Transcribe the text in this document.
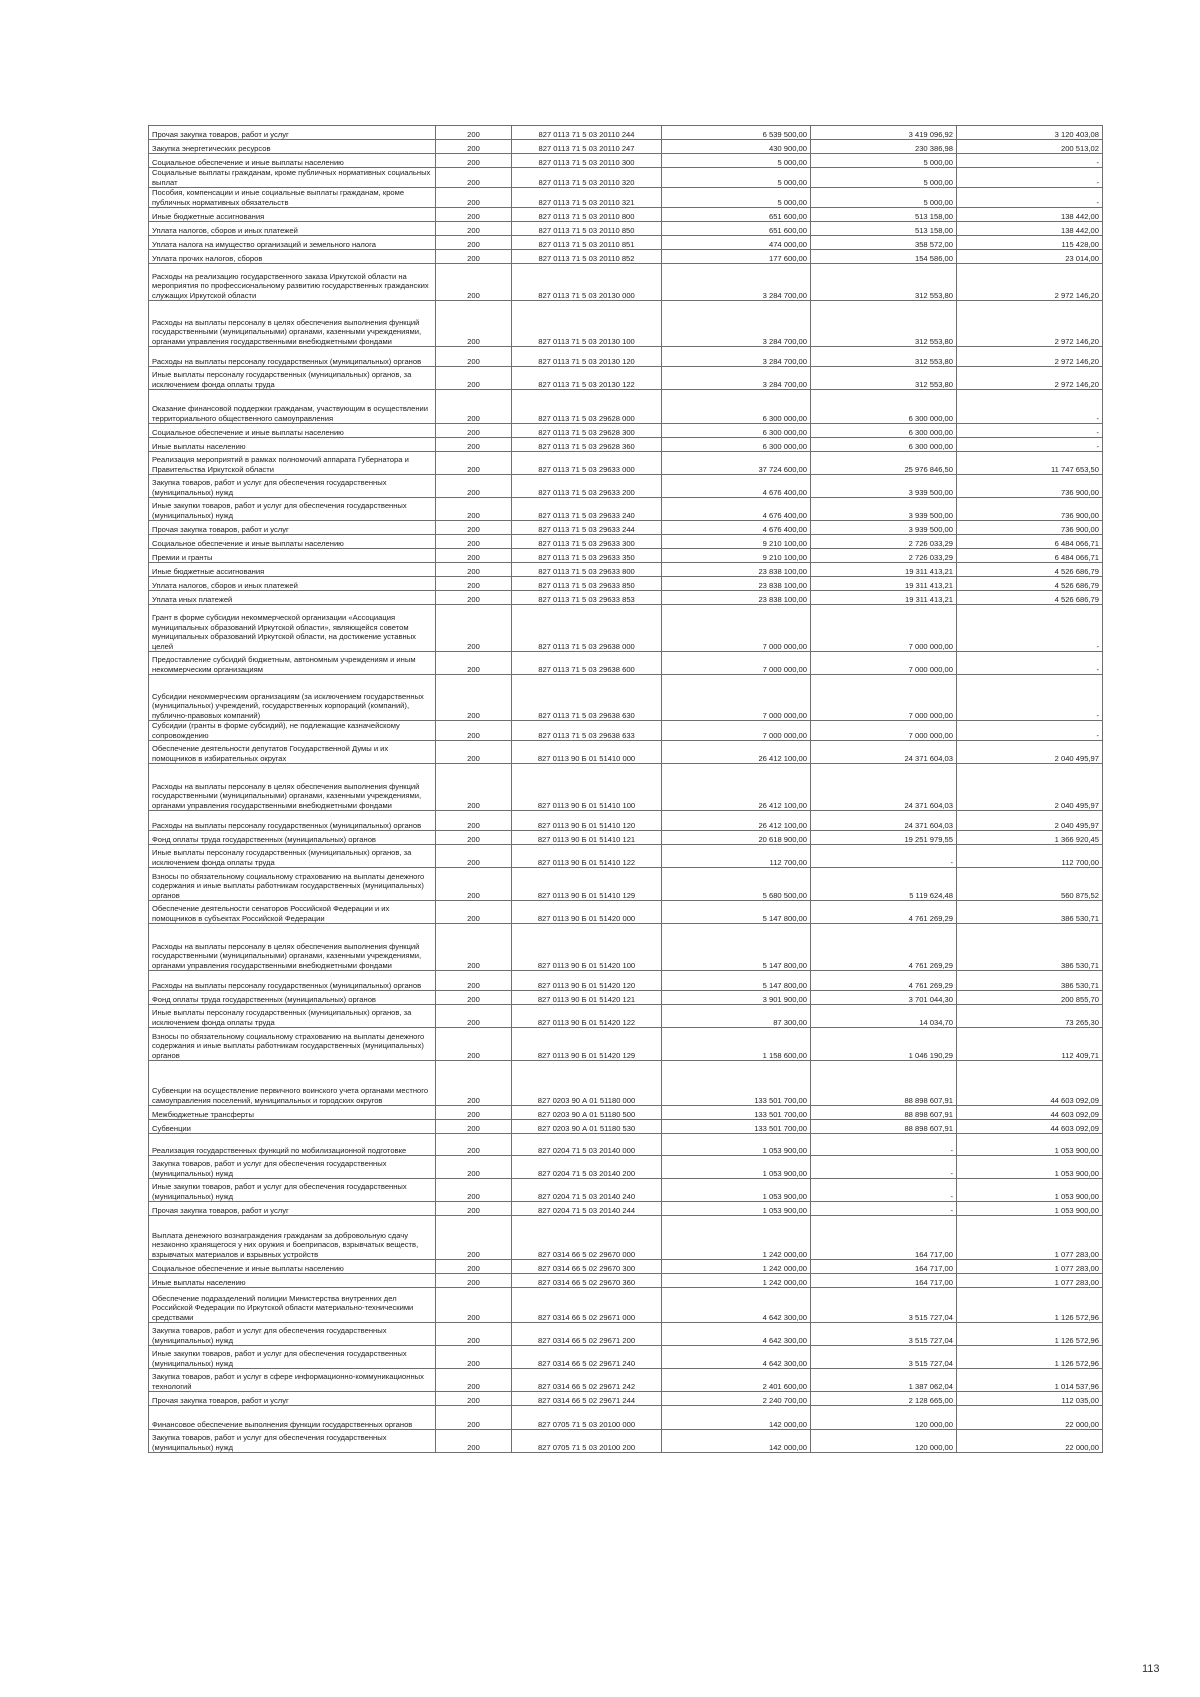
Прочая закупка товаров, работ и услуг	200	827 0113 71 5 03 20110 244	6 539 500,00	3 419 096,92	3 120 403,08
Закупка энергетических ресурсов	200	827 0113 71 5 03 20110 247	430 900,00	230 386,98	200 513,02
Социальное обеспечение и иные выплаты населению	200	827 0113 71 5 03 20110 300	5 000,00	5 000,00	-
Социальные выплаты гражданам, кроме публичных нормативных социальных выплат	200	827 0113 71 5 03 20110 320	5 000,00	5 000,00	-
Пособия, компенсации и иные социальные выплаты гражданам, кроме публичных нормативных обязательств	200	827 0113 71 5 03 20110 321	5 000,00	5 000,00	-
Иные бюджетные ассигнования	200	827 0113 71 5 03 20110 800	651 600,00	513 158,00	138 442,00
Уплата налогов, сборов и иных платежей	200	827 0113 71 5 03 20110 850	651 600,00	513 158,00	138 442,00
Уплата налога на имущество организаций и земельного налога	200	827 0113 71 5 03 20110 851	474 000,00	358 572,00	115 428,00
Уплата прочих налогов, сборов	200	827 0113 71 5 03 20110 852	177 600,00	154 586,00	23 014,00
Расходы на реализацию государственного заказа Иркутской области на мероприятия по профессиональному развитию государственных гражданских служащих Иркутской области	200	827 0113 71 5 03 20130 000	3 284 700,00	312 553,80	2 972 146,20
Расходы на выплаты персоналу в целях обеспечения выполнения функций государственными (муниципальными) органами, казенными учреждениями, органами управления государственными внебюджетными фондами	200	827 0113 71 5 03 20130 100	3 284 700,00	312 553,80	2 972 146,20
Расходы на выплаты персоналу государственных (муниципальных) органов	200	827 0113 71 5 03 20130 120	3 284 700,00	312 553,80	2 972 146,20
Иные выплаты персоналу государственных (муниципальных) органов, за исключением фонда оплаты труда	200	827 0113 71 5 03 20130 122	3 284 700,00	312 553,80	2 972 146,20
Оказание финансовой поддержки гражданам, участвующим в осуществлении территориального общественного самоуправления	200	827 0113 71 5 03 29628 000	6 300 000,00	6 300 000,00	-
Социальное обеспечение и иные выплаты населению	200	827 0113 71 5 03 29628 300	6 300 000,00	6 300 000,00	-
Иные выплаты населению	200	827 0113 71 5 03 29628 360	6 300 000,00	6 300 000,00	-
Реализация мероприятий в рамках полномочий аппарата Губернатора и Правительства Иркутской области	200	827 0113 71 5 03 29633 000	37 724 600,00	25 976 846,50	11 747 653,50
Закупка товаров, работ и услуг для обеспечения государственных (муниципальных) нужд	200	827 0113 71 5 03 29633 200	4 676 400,00	3 939 500,00	736 900,00
Иные закупки товаров, работ и услуг для обеспечения государственных (муниципальных) нужд	200	827 0113 71 5 03 29633 240	4 676 400,00	3 939 500,00	736 900,00
Прочая закупка товаров, работ и услуг	200	827 0113 71 5 03 29633 244	4 676 400,00	3 939 500,00	736 900,00
Социальное обеспечение и иные выплаты населению	200	827 0113 71 5 03 29633 300	9 210 100,00	2 726 033,29	6 484 066,71
Премии и гранты	200	827 0113 71 5 03 29633 350	9 210 100,00	2 726 033,29	6 484 066,71
Иные бюджетные ассигнования	200	827 0113 71 5 03 29633 800	23 838 100,00	19 311 413,21	4 526 686,79
Уплата налогов, сборов и иных платежей	200	827 0113 71 5 03 29633 850	23 838 100,00	19 311 413,21	4 526 686,79
Уплата иных платежей	200	827 0113 71 5 03 29633 853	23 838 100,00	19 311 413,21	4 526 686,79
Грант в форме субсидии некоммерческой организации «Ассоциация муниципальных образований Иркутской области», являющейся советом муниципальных образований Иркутской области, на достижение уставных целей	200	827 0113 71 5 03 29638 000	7 000 000,00	7 000 000,00	-
Предоставление субсидий бюджетным, автономным учреждениям и иным некоммерческим организациям	200	827 0113 71 5 03 29638 600	7 000 000,00	7 000 000,00	-
Субсидии некоммерческим организациям (за исключением государственных (муниципальных) учреждений, государственных корпораций (компаний), публично-правовых компаний)	200	827 0113 71 5 03 29638 630	7 000 000,00	7 000 000,00	-
Субсидии (гранты в форме субсидий), не подлежащие казначейскому сопровождению	200	827 0113 71 5 03 29638 633	7 000 000,00	7 000 000,00	-
Обеспечение деятельности депутатов Государственной Думы и их помощников в избирательных округах	200	827 0113 90 Б 01 51410 000	26 412 100,00	24 371 604,03	2 040 495,97
Расходы на выплаты персоналу в целях обеспечения выполнения функций государственными (муниципальными) органами, казенными учреждениями, органами управления государственными внебюджетными фондами	200	827 0113 90 Б 01 51410 100	26 412 100,00	24 371 604,03	2 040 495,97
Расходы на выплаты персоналу государственных (муниципальных) органов	200	827 0113 90 Б 01 51410 120	26 412 100,00	24 371 604,03	2 040 495,97
Фонд оплаты труда государственных (муниципальных) органов	200	827 0113 90 Б 01 51410 121	20 618 900,00	19 251 979,55	1 366 920,45
Иные выплаты персоналу государственных (муниципальных) органов, за исключением фонда оплаты труда	200	827 0113 90 Б 01 51410 122	112 700,00	-	112 700,00
Взносы по обязательному социальному страхованию на выплаты денежного содержания и иные выплаты работникам государственных (муниципальных) органов	200	827 0113 90 Б 01 51410 129	5 680 500,00	5 119 624,48	560 875,52
Обеспечение деятельности сенаторов Российской Федерации и их помощников в субъектах Российской Федерации	200	827 0113 90 Б 01 51420 000	5 147 800,00	4 761 269,29	386 530,71
Расходы на выплаты персоналу в целях обеспечения выполнения функций государственными (муниципальными) органами, казенными учреждениями, органами управления государственными внебюджетными фондами	200	827 0113 90 Б 01 51420 100	5 147 800,00	4 761 269,29	386 530,71
Расходы на выплаты персоналу государственных (муниципальных) органов	200	827 0113 90 Б 01 51420 120	5 147 800,00	4 761 269,29	386 530,71
Фонд оплаты труда государственных (муниципальных) органов	200	827 0113 90 Б 01 51420 121	3 901 900,00	3 701 044,30	200 855,70
Иные выплаты персоналу государственных (муниципальных) органов, за исключением фонда оплаты труда	200	827 0113 90 Б 01 51420 122	87 300,00	14 034,70	73 265,30
Взносы по обязательному социальному страхованию на выплаты денежного содержания и иные выплаты работникам государственных (муниципальных) органов	200	827 0113 90 Б 01 51420 129	1 158 600,00	1 046 190,29	112 409,71
Субвенции на осуществление первичного воинского учета органами местного самоуправления поселений, муниципальных и городских округов	200	827 0203 90 А 01 51180 000	133 501 700,00	88 898 607,91	44 603 092,09
Межбюджетные трансферты	200	827 0203 90 А 01 51180 500	133 501 700,00	88 898 607,91	44 603 092,09
Субвенции	200	827 0203 90 А 01 51180 530	133 501 700,00	88 898 607,91	44 603 092,09
Реализация государственных функций по мобилизационной подготовке	200	827 0204 71 5 03 20140 000	1 053 900,00	-	1 053 900,00
Закупка товаров, работ и услуг для обеспечения государственных (муниципальных) нужд	200	827 0204 71 5 03 20140 200	1 053 900,00	-	1 053 900,00
Иные закупки товаров, работ и услуг для обеспечения государственных (муниципальных) нужд	200	827 0204 71 5 03 20140 240	1 053 900,00	-	1 053 900,00
Прочая закупка товаров, работ и услуг	200	827 0204 71 5 03 20140 244	1 053 900,00	-	1 053 900,00
Выплата денежного вознаграждения гражданам за добровольную сдачу незаконно хранящегося у них оружия и боеприпасов, взрывчатых веществ, взрывчатых материалов и взрывных устройств	200	827 0314 66 5 02 29670 000	1 242 000,00	164 717,00	1 077 283,00
Социальное обеспечение и иные выплаты населению	200	827 0314 66 5 02 29670 300	1 242 000,00	164 717,00	1 077 283,00
Иные выплаты населению	200	827 0314 66 5 02 29670 360	1 242 000,00	164 717,00	1 077 283,00
Обеспечение подразделений полиции Министерства внутренних дел Российской Федерации по Иркутской области материально-техническими средствами	200	827 0314 66 5 02 29671 000	4 642 300,00	3 515 727,04	1 126 572,96
Закупка товаров, работ и услуг для обеспечения государственных (муниципальных) нужд	200	827 0314 66 5 02 29671 200	4 642 300,00	3 515 727,04	1 126 572,96
Иные закупки товаров, работ и услуг для обеспечения государственных (муниципальных) нужд	200	827 0314 66 5 02 29671 240	4 642 300,00	3 515 727,04	1 126 572,96
Закупка товаров, работ и услуг в сфере информационно-коммуникационных технологий	200	827 0314 66 5 02 29671 242	2 401 600,00	1 387 062,04	1 014 537,96
Прочая закупка товаров, работ и услуг	200	827 0314 66 5 02 29671 244	2 240 700,00	2 128 665,00	112 035,00
Финансовое обеспечение выполнения функции государственных органов	200	827 0705 71 5 03 20100 000	142 000,00	120 000,00	22 000,00
Закупка товаров, работ и услуг для обеспечения государственных (муниципальных) нужд	200	827 0705 71 5 03 20100 200	142 000,00	120 000,00	22 000,00
113
